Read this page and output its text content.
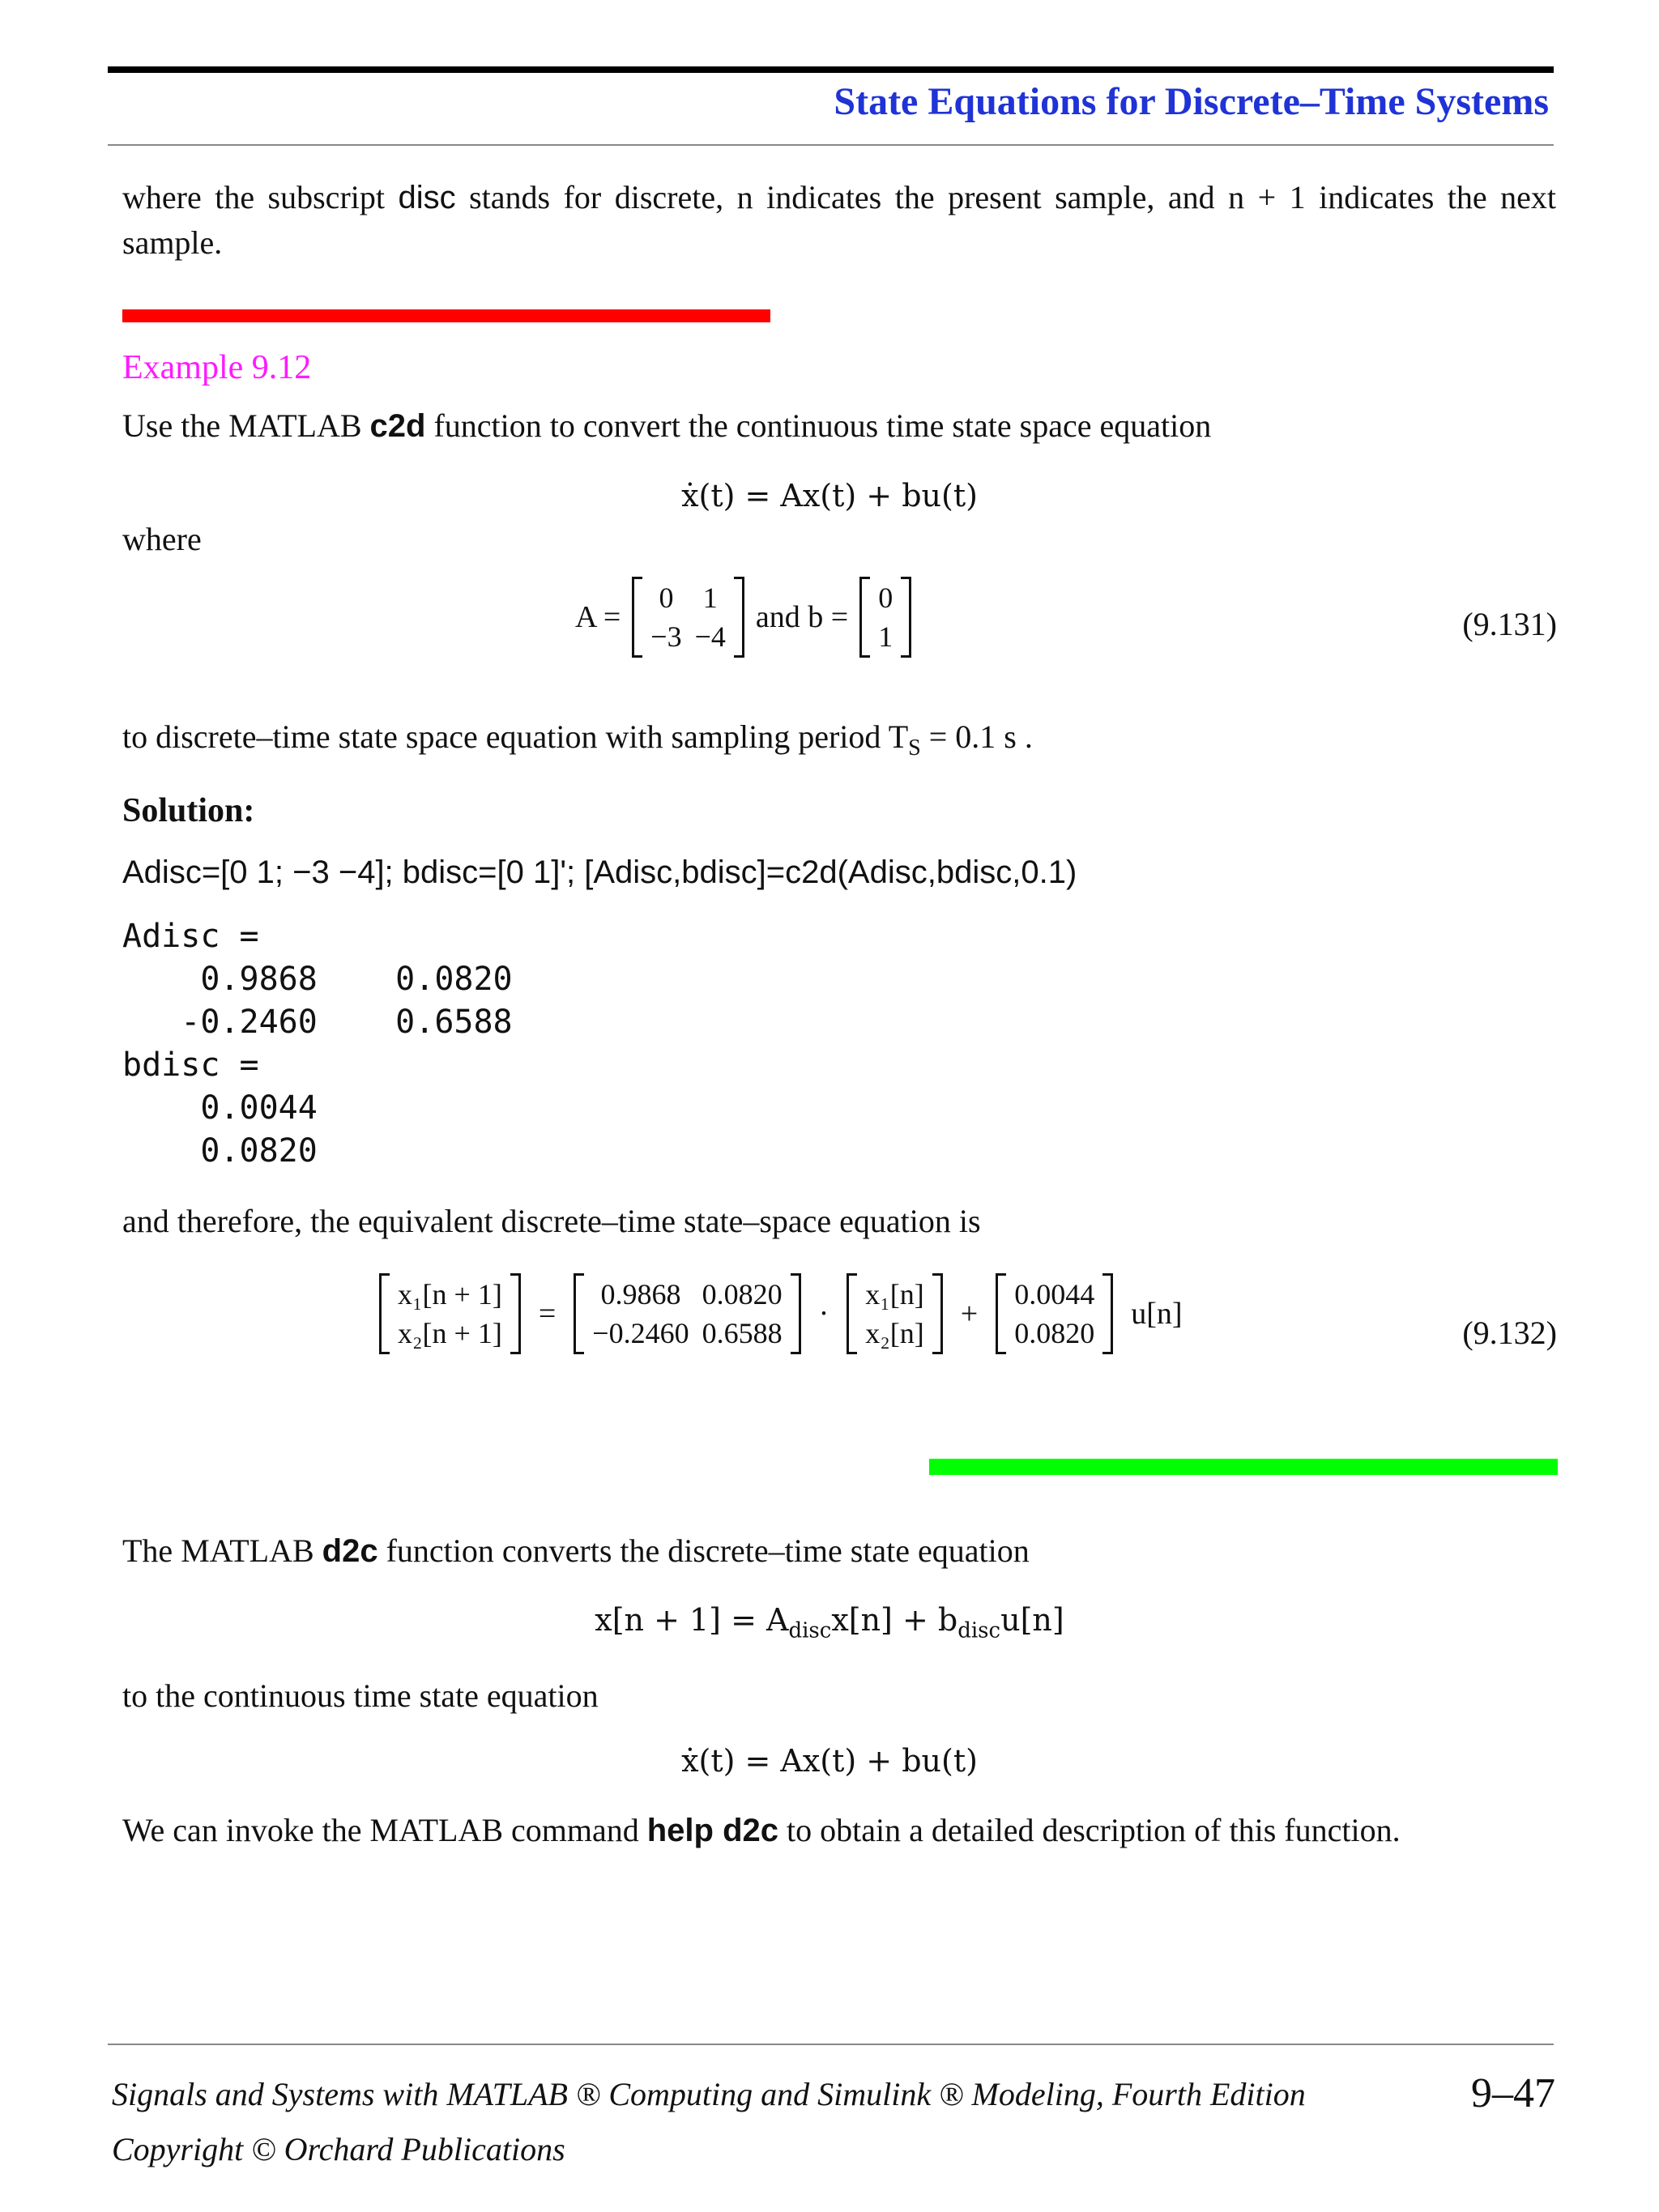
State Equations for Discrete–Time Systems
where the subscript disc stands for discrete, n indicates the present sample, and n + 1 indicates the next sample.
Example 9.12
Use the MATLAB c2d function to convert the continuous time state space equation
ẋ(t) = Ax(t) + bu(t)
where
A =
0	1
−3	−4
and b =
0
1	(9.131)
to discrete–time state space equation with sampling period $T_S = 0.1$ s .
Solution:
Adisc=[0 1; −3 −4]; bdisc=[0 1]'; [Adisc,bdisc]=c2d(Adisc,bdisc,0.1)
Adisc =
0.9868    0.0820
-0.2460    0.6588
bdisc =
0.0044
0.0820
and therefore, the equivalent discrete–time state–space equation is
x₁[n + 1]
x₂[n + 1]
=
0.9868	0.0820
−0.2460	0.6588
·
x₁[n]
x₂[n]
+
0.0044
0.0820
u[n]
(9.132)
The MATLAB d2c function converts the discrete–time state equation
$x[n + 1] = A_{disc}x[n] + b_{disc}u[n]$
to the continuous time state equation
ẋ(t) = Ax(t) + bu(t)
We can invoke the MATLAB command help d2c to obtain a detailed description of this function.
Signals and Systems with MATLAB ® Computing and Simulink ® Modeling, Fourth Edition
Copyright © Orchard Publications
9–47
